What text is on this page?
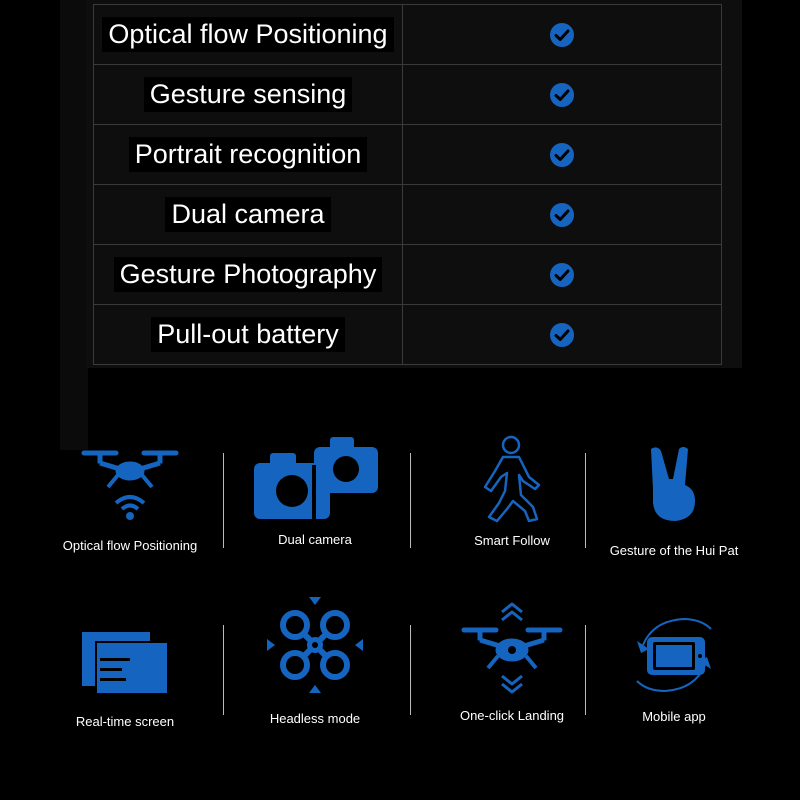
Optical flow Positioning
Gesture sensing
Portrait recognition
Dual camera
Gesture Photography
Pull-out battery
Optical flow Positioning	Dual camera	Smart Follow
Gesture of the Hui Pat
Real-time screen	Headless mode	One-click Landing	Mobile app
